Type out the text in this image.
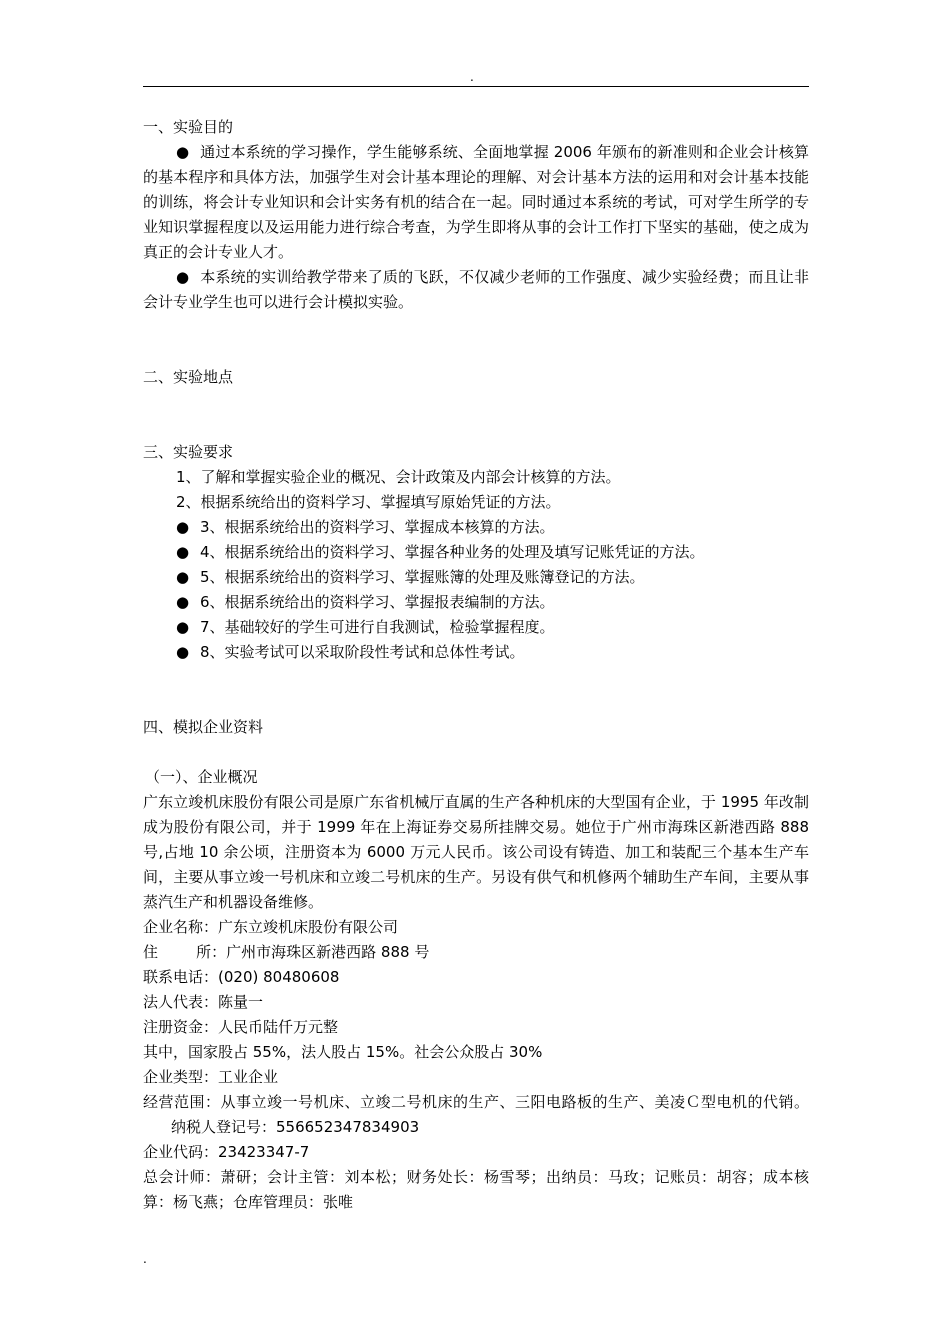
.

一、实验目的

● 通过本系统的学习操作，学生能够系统、全面地掌握 2006 年颁布的新准则和企业会计核算的基本程序和具体方法，加强学生对会计基本理论的理解、对会计基本方法的运用和对会计基本技能的训练，将会计专业知识和会计实务有机的结合在一起。同时通过本系统的考试，可对学生所学的专业知识掌握程度以及运用能力进行综合考查，为学生即将从事的会计工作打下坚实的基础，使之成为真正的会计专业人才。
● 本系统的实训给教学带来了质的飞跃，不仅减少老师的工作强度、减少实验经费；而且让非会计专业学生也可以进行会计模拟实验。

二、实验地点

三、实验要求

1、了解和掌握实验企业的概况、会计政策及内部会计核算的方法。
2、根据系统给出的资料学习、掌握填写原始凭证的方法。
● 3、根据系统给出的资料学习、掌握成本核算的方法。
● 4、根据系统给出的资料学习、掌握各种业务的处理及填写记账凭证的方法。
● 5、根据系统给出的资料学习、掌握账簿的处理及账簿登记的方法。
● 6、根据系统给出的资料学习、掌握报表编制的方法。
● 7、基础较好的学生可进行自我测试，检验掌握程度。
● 8、实验考试可以采取阶段性考试和总体性考试。

四、模拟企业资料

（一）、企业概况

广东立竣机床股份有限公司是原广东省机械厅直属的生产各种机床的大型国有企业，于 1995 年改制成为股份有限公司，并于 1999 年在上海证券交易所挂牌交易。她位于广州市海珠区新港西路 888 号,占地 10 余公顷，注册资本为 6000 万元人民币。该公司设有铸造、加工和装配三个基本生产车间，主要从事立竣一号机床和立竣二号机床的生产。另设有供气和机修两个辅助生产车间，主要从事蒸汽生产和机器设备维修。

企业名称：广东立竣机床股份有限公司

住        所：广州市海珠区新港西路 888 号

联系电话：(020) 80480608

法人代表：陈量一

注册资金：人民币陆仟万元整

其中，国家股占 55%，法人股占 15%。社会公众股占 30%

企业类型：工业企业

经营范围：从事立竣一号机床、立竣二号机床的生产、三阳电路板的生产、美凌Ｃ型电机的代销。纳税人登记号：556652347834903

企业代码：23423347-7

总会计师：萧研；会计主管：刘本松；财务处长：杨雪琴；出纳员：马玫；记账员：胡容；成本核算：杨飞燕；仓库管理员：张唯

.
